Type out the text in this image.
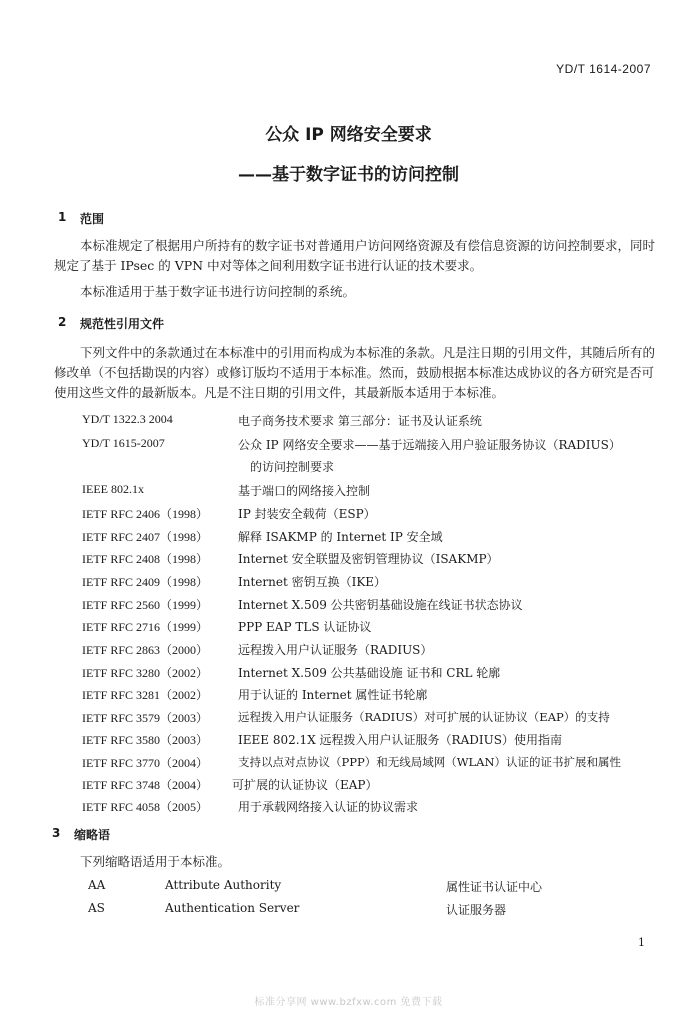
YD/T 1614-2007
公众 IP 网络安全要求
——基于数字证书的访问控制
1 范围

本标准规定了根据用户所持有的数字证书对普通用户访问网络资源及有偿信息资源的访问控制要求，同时规定了基于 IPsec 的 VPN 中对等体之间利用数字证书进行认证的技术要求。

本标准适用于基于数字证书进行访问控制的系统。

2 规范性引用文件

下列文件中的条款通过在本标准中的引用而构成为本标准的条款。凡是注日期的引用文件，其随后所有的修改单（不包括勘误的内容）或修订版均不适用于本标准。然而，鼓励根据本标准达成协议的各方研究是否可使用这些文件的最新版本。凡是不注日期的引用文件，其最新版本适用于本标准。

YD/T 1322.3 2004	电子商务技术要求 第三部分：证书及认证系统
YD/T 1615-2007	公众 IP 网络安全要求——基于远端接入用户验证服务协议（RADIUS）
的访问控制要求
IEEE 802.1x	基于端口的网络接入控制
IETF RFC 2406（1998） IP 封装安全载荷（ESP）
IETF RFC 2407（1998） 解释 ISAKMP 的 Internet IP 安全域
IETF RFC 2408（1998） Internet 安全联盟及密钥管理协议（ISAKMP）
IETF RFC 2409（1998） Internet 密钥互换（IKE）
IETF RFC 2560（1999） Internet X.509 公共密钥基础设施在线证书状态协议
IETF RFC 2716（1999） PPP EAP TLS 认证协议
IETF RFC 2863（2000） 远程拨入用户认证服务（RADIUS）
IETF RFC 3280（2002） Internet X.509 公共基础设施 证书和 CRL 轮廓
IETF RFC 3281（2002） 用于认证的 Internet 属性证书轮廓
IETF RFC 3579（2003）	远程拨入用户认证服务（RADIUS）对可扩展的认证协议（EAP）的支持
IETF RFC 3580（2003） IEEE 802.1X 远程拨入用户认证服务（RADIUS）使用指南
IETF RFC 3770（2004）	支持以点对点协议（PPP）和无线局域网（WLAN）认证的证书扩展和属性
IETF RFC 3748（2004） 可扩展的认证协议（EAP）
IETF RFC 4058（2005） 用于承载网络接入认证的协议需求
3 缩略语
下列缩略语适用于本标准。
AA	Attribute Authority	属性证书认证中心
AS	Authentication Server	认证服务器
1
标准分享网 www.bzfxw.com 免费下载
